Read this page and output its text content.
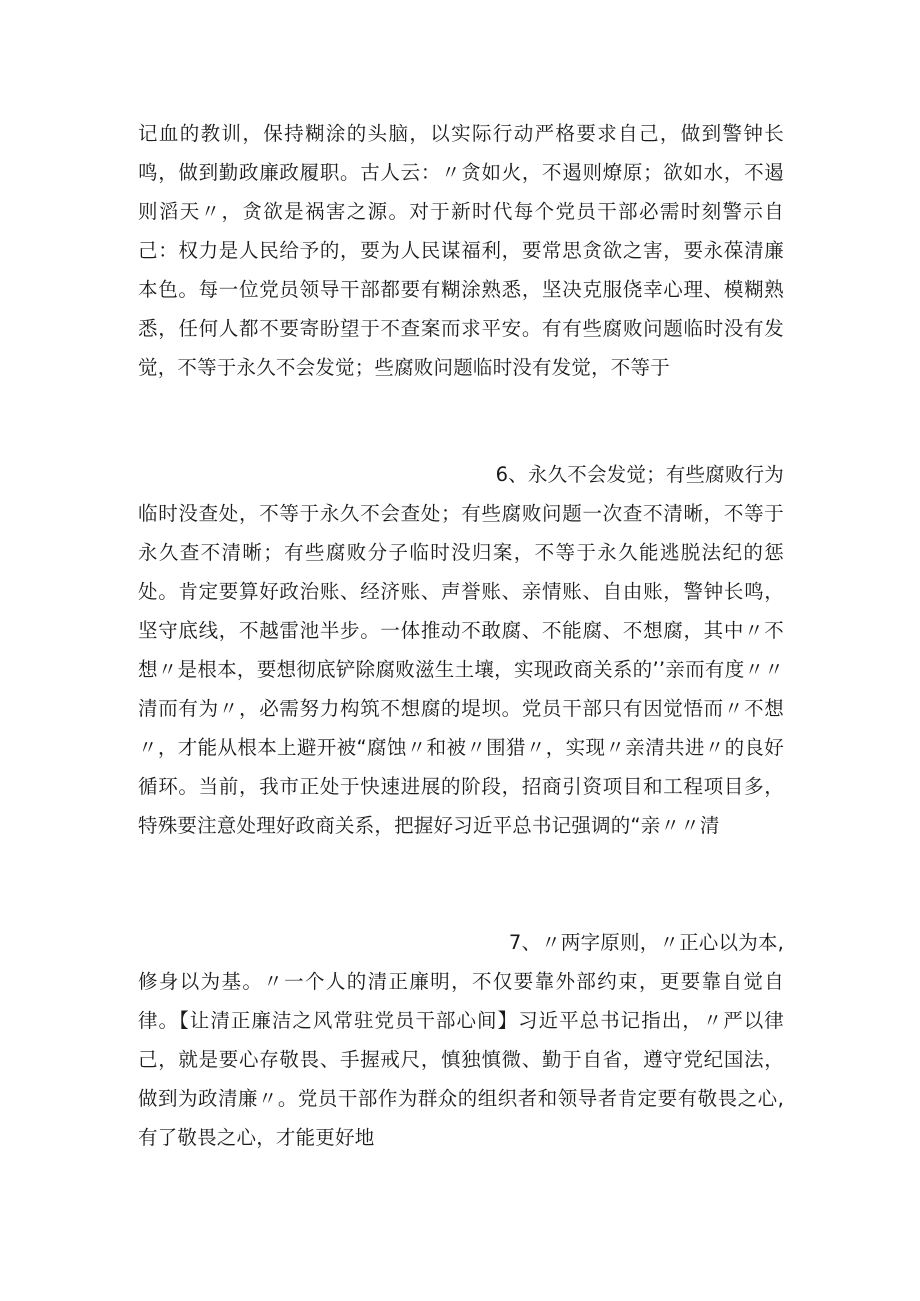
记血的教训，保持糊涂的头脑，以实际行动严格要求自己，做到警钟长鸣，做到勤政廉政履职。古人云：〃贪如火，不遏则燎原；欲如水，不遏则滔天〃，贪欲是祸害之源。对于新时代每个党员干部必需时刻警示自己：权力是人民给予的，要为人民谋福利，要常思贪欲之害，要永葆清廉本色。每一位党员领导干部都要有糊涂熟悉，坚决克服侥幸心理、模糊熟悉，任何人都不要寄盼望于不查案而求平安。有有些腐败问题临时没有发觉，不等于永久不会发觉；些腐败问题临时没有发觉，不等于
6、永久不会发觉；有些腐败行为
临时没查处，不等于永久不会查处；有些腐败问题一次查不清晰，不等于永久查不清晰；有些腐败分子临时没归案，不等于永久能逃脱法纪的惩处。肯定要算好政治账、经济账、声誉账、亲情账、自由账，警钟长鸣，坚守底线，不越雷池半步。一体推动不敢腐、不能腐、不想腐，其中〃不想〃是根本，要想彻底铲除腐败滋生土壤，实现政商关系的’’亲而有度〃〃清而有为〃，必需努力构筑不想腐的堤坝。党员干部只有因觉悟而〃不想〃，才能从根本上避开被“腐蚀〃和被〃围猎〃，实现〃亲清共进〃的良好循环。当前，我市正处于快速进展的阶段，招商引资项目和工程项目多，特殊要注意处理好政商关系，把握好习近平总书记强调的“亲〃〃清
7、〃两字原则，〃正心以为本,
修身以为基。〃一个人的清正廉明，不仅要靠外部约束，更要靠自觉自律。【让清正廉洁之风常驻党员干部心间】习近平总书记指出，〃严以律己，就是要心存敬畏、手握戒尺，慎独慎微、勤于自省，遵守党纪国法，做到为政清廉〃。党员干部作为群众的组织者和领导者肯定要有敬畏之心,有了敬畏之心，才能更好地
